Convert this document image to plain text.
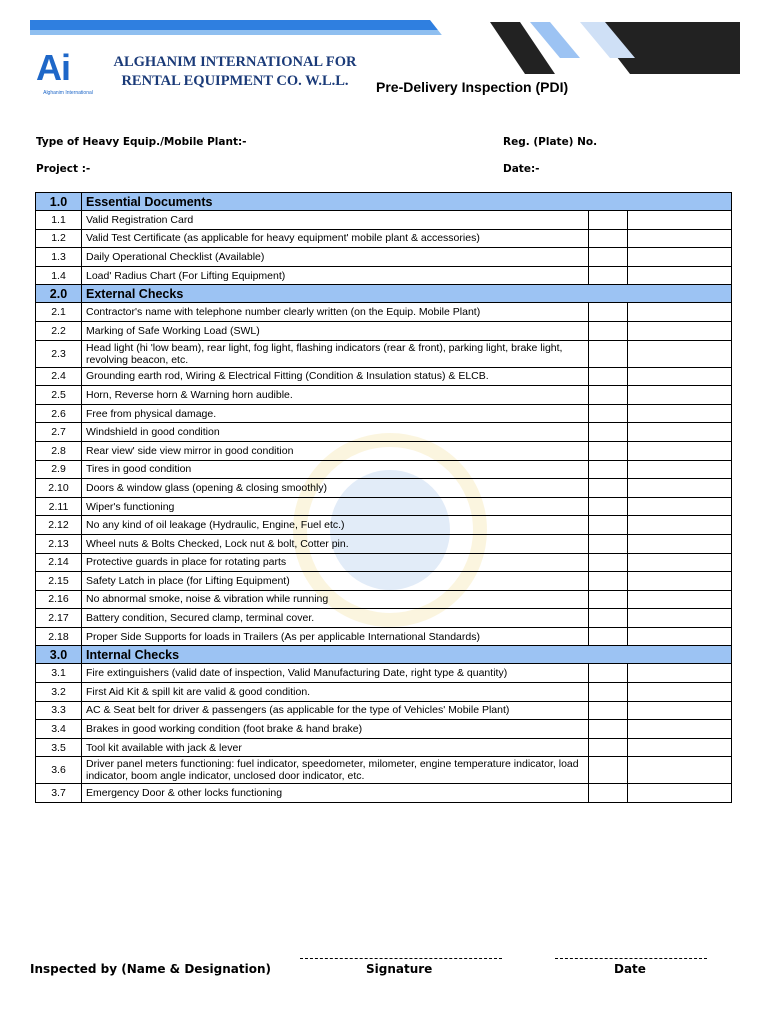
Ai
Alghanim International
ALGHANIM INTERNATIONAL FOR
RENTAL EQUIPMENT CO. W.L.L.	Pre-Delivery Inspection (PDI)
Type of Heavy Equip./Mobile Plant:-	Reg. (Plate) No.
Project :-	Date:-
1.0	Essential Documents		
1.1	Valid Registration Card		
1.2	Valid Test Certificate (as applicable for heavy equipment' mobile plant & accessories)		
1.3	Daily Operational Checklist (Available)		
1.4	Load' Radius Chart (For Lifting Equipment)		
2.0	External Checks		
2.1	Contractor's name with telephone number clearly written (on the Equip. Mobile Plant)		
2.2	Marking of Safe Working Load (SWL)		
2.3	Head light (hi 'low beam), rear light, fog light, flashing indicators (rear & front), parking light, brake light, revolving beacon, etc.		
2.4	Grounding earth rod, Wiring & Electrical Fitting (Condition & Insulation status) & ELCB.		
2.5	Horn, Reverse horn & Warning horn audible.		
2.6	Free from physical damage.		
2.7	Windshield in good condition		
2.8	Rear view' side view mirror in good condition		
2.9	Tires in good condition		
2.10	Doors & window glass (opening & closing smoothly)		
2.11	Wiper's functioning		
2.12	No any kind of oil leakage (Hydraulic, Engine, Fuel etc.)		
2.13	Wheel nuts & Bolts Checked, Lock nut & bolt, Cotter pin.		
2.14	Protective guards in place for rotating parts		
2.15	Safety Latch in place (for Lifting Equipment)		
2.16	No abnormal smoke, noise & vibration while running		
2.17	Battery condition, Secured clamp, terminal cover.		
2.18	Proper Side Supports for loads in Trailers (As per applicable International Standards)		
3.0	Internal Checks		
3.1	Fire extinguishers (valid date of inspection, Valid Manufacturing Date, right type & quantity)		
3.2	First Aid Kit & spill kit are valid & good condition.		
3.3	AC & Seat belt for driver & passengers (as applicable for the type of Vehicles' Mobile Plant)		
3.4	Brakes in good working condition (foot brake & hand brake)		
3.5	Tool kit available with jack & lever		
3.6	Driver panel meters functioning: fuel indicator, speedometer, milometer, engine temperature indicator, load indicator, boom angle indicator, unclosed door indicator, etc.		
3.7	Emergency Door & other locks functioning		
Inspected by (Name & Designation)	Signature	Date
